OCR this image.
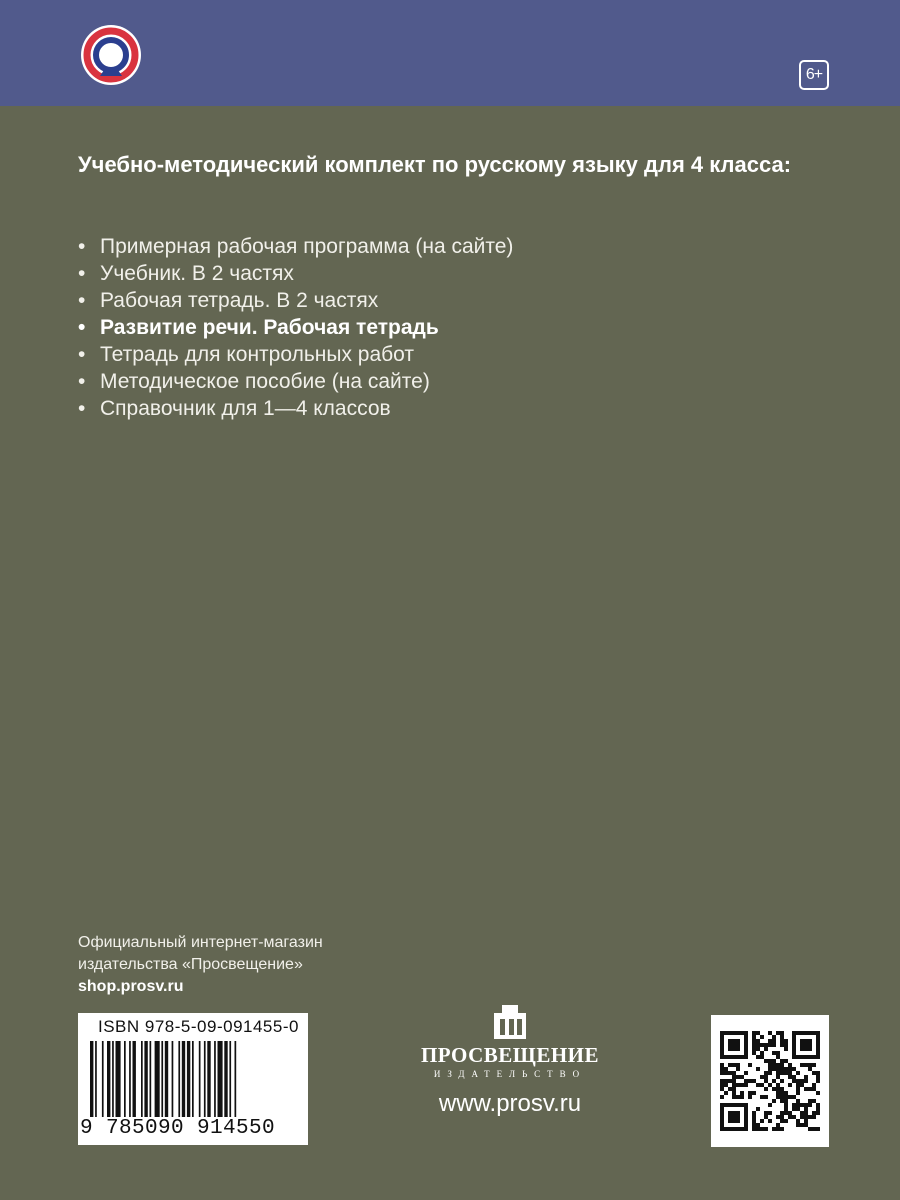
6+
Учебно-методический комплект по русскому языку для 4 класса:
• Примерная рабочая программа (на сайте)
• Учебник. В 2 частях
• Рабочая тетрадь. В 2 частях
• Развитие речи. Рабочая тетрадь
• Тетрадь для контрольных работ
• Методическое пособие (на сайте)
• Справочник для 1—4 классов
Официальный интернет-магазин
издательства «Просвещение»
shop.prosv.ru
ISBN 978-5-09-091455-0
9 785090 914550
ПРОСВЕЩЕНИЕ
ИЗДАТЕЛЬСТВО
www.prosv.ru
